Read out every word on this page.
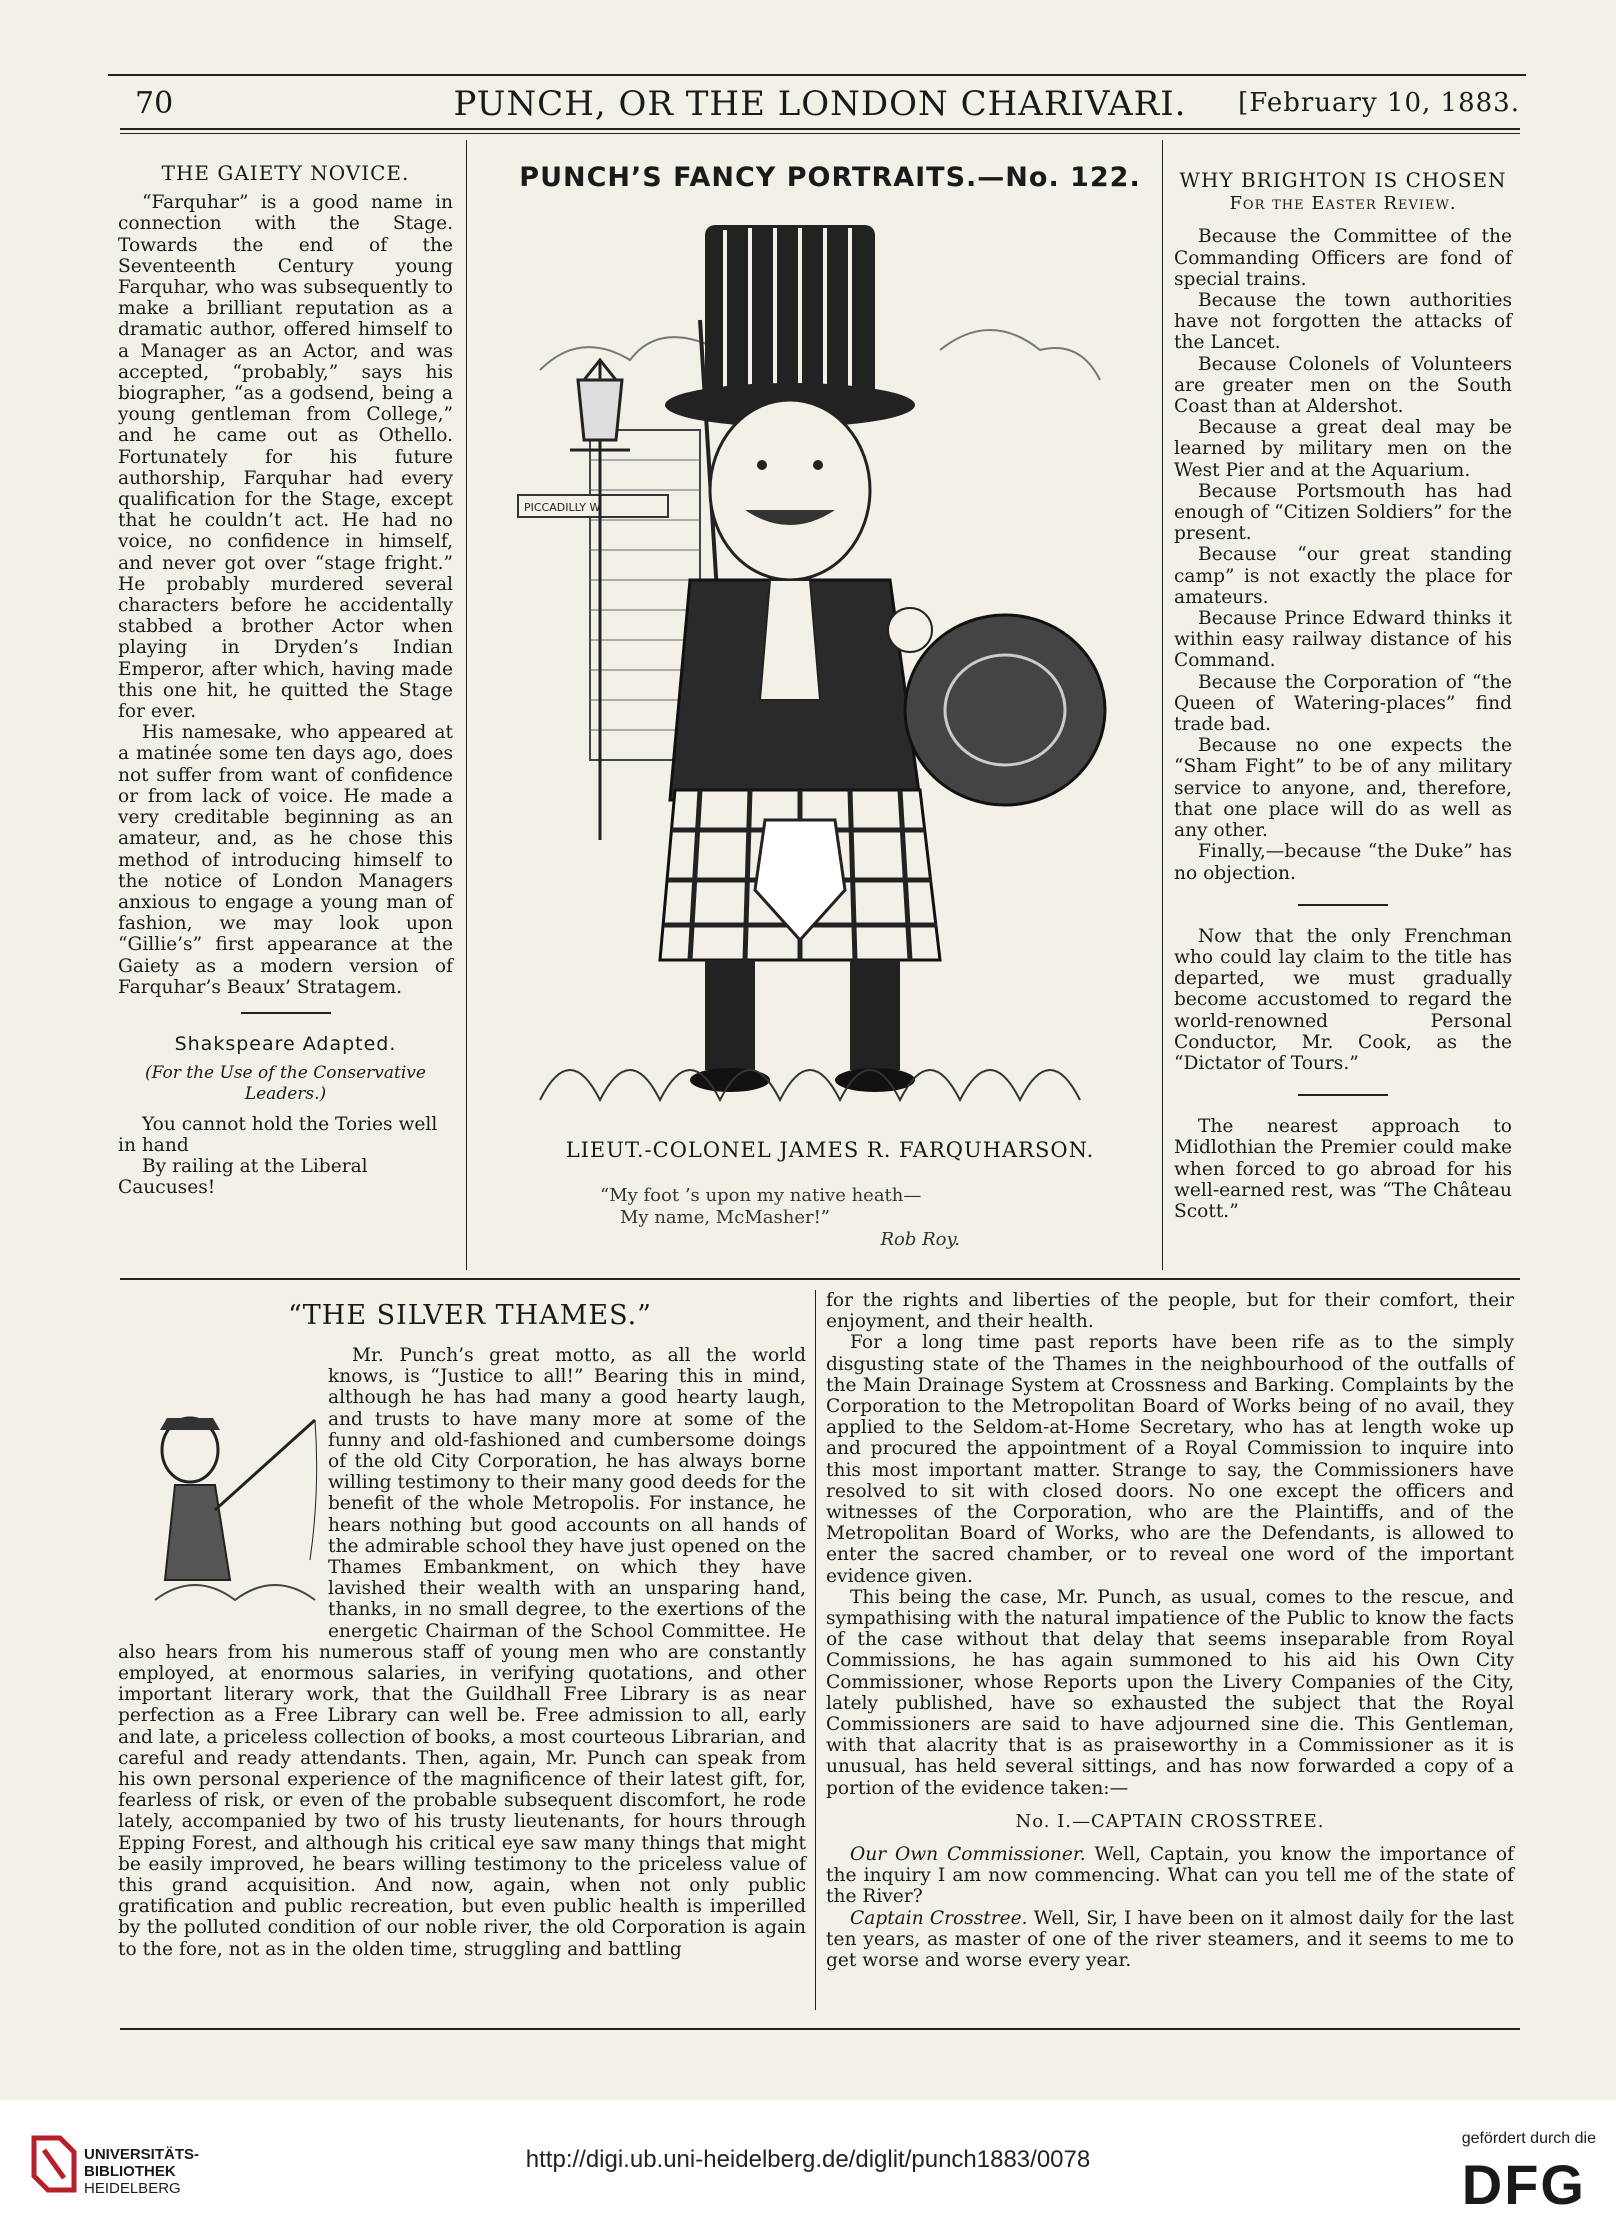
70	PUNCH, OR THE LONDON CHARIVARI.	[February 10, 1883.
THE GAIETY NOVICE.

“Farquhar” is a good name in connection with the Stage. Towards the end of the Seventeenth Century young Farquhar, who was subsequently to make a brilliant reputation as a dramatic author, offered himself to a Manager as an Actor, and was accepted, “probably,” says his biographer, “as a godsend, being a young gentleman from College,” and he came out as Othello. Fortunately for his future authorship, Farquhar had every qualification for the Stage, except that he couldn’t act. He had no voice, no confidence in himself, and never got over “stage fright.” He probably murdered several characters before he accidentally stabbed a brother Actor when playing in Dryden’s Indian Emperor, after which, having made this one hit, he quitted the Stage for ever.

His namesake, who appeared at a matinée some ten days ago, does not suffer from want of confidence or from lack of voice. He made a very creditable beginning as an amateur, and, as he chose this method of introducing himself to the notice of London Managers anxious to engage a young man of fashion, we may look upon “Gillie’s” first appearance at the Gaiety as a modern version of Farquhar’s Beaux’ Stratagem.

Shakspeare Adapted.
(For the Use of the Conservative Leaders.)

You cannot hold the Tories well in hand

By railing at the Liberal Caucuses!

PUNCH’S FANCY PORTRAITS.—No. 122.
PICCADILLY W
LIEUT.-COLONEL JAMES R. FARQUHARSON.
“My foot ’s upon my native heath—
My name, McMasher!”
Rob Roy.
WHY BRIGHTON IS CHOSEN
For the Easter Review.

Because the Committee of the Commanding Officers are fond of special trains.

Because the town authorities have not forgotten the attacks of the Lancet.

Because Colonels of Volunteers are greater men on the South Coast than at Aldershot.

Because a great deal may be learned by military men on the West Pier and at the Aquarium.

Because Portsmouth has had enough of “Citizen Soldiers” for the present.

Because “our great standing camp” is not exactly the place for amateurs.

Because Prince Edward thinks it within easy railway distance of his Command.

Because the Corporation of “the Queen of Watering-places” find trade bad.

Because no one expects the “Sham Fight” to be of any military service to anyone, and, therefore, that one place will do as well as any other.

Finally,—because “the Duke” has no objection.

Now that the only Frenchman who could lay claim to the title has departed, we must gradually become accustomed to regard the world-renowned Personal Conductor, Mr. Cook, as the “Dictator of Tours.”

The nearest approach to Midlothian the Premier could make when forced to go abroad for his well-earned rest, was “The Château Scott.”

“THE SILVER THAMES.”

Mr. Punch’s great motto, as all the world knows, is “Justice to all!” Bearing this in mind, although he has had many a good hearty laugh, and trusts to have many more at some of the funny and old-fashioned and cumbersome doings of the old City Corporation, he has always borne willing testimony to their many good deeds for the benefit of the whole Metropolis. For instance, he hears nothing but good accounts on all hands of the admirable school they have just opened on the Thames Embankment, on which they have lavished their wealth with an unsparing hand, thanks, in no small degree, to the exertions of the energetic Chairman of the School Committee. He also hears from his numerous staff of young men who are constantly employed, at enormous salaries, in verifying quotations, and other important literary work, that the Guildhall Free Library is as near perfection as a Free Library can well be. Free admission to all, early and late, a priceless collection of books, a most courteous Librarian, and careful and ready attendants. Then, again, Mr. Punch can speak from his own personal experience of the magnificence of their latest gift, for, fearless of risk, or even of the probable subsequent discomfort, he rode lately, accompanied by two of his trusty lieutenants, for hours through Epping Forest, and although his critical eye saw many things that might be easily improved, he bears willing testimony to the priceless value of this grand acquisition. And now, again, when not only public gratification and public recreation, but even public health is imperilled by the polluted condition of our noble river, the old Corporation is again to the fore, not as in the olden time, struggling and battling

for the rights and liberties of the people, but for their comfort, their enjoyment, and their health.

For a long time past reports have been rife as to the simply disgusting state of the Thames in the neighbourhood of the outfalls of the Main Drainage System at Crossness and Barking. Complaints by the Corporation to the Metropolitan Board of Works being of no avail, they applied to the Seldom-at-Home Secretary, who has at length woke up and procured the appointment of a Royal Commission to inquire into this most important matter. Strange to say, the Commissioners have resolved to sit with closed doors. No one except the officers and witnesses of the Corporation, who are the Plaintiffs, and of the Metropolitan Board of Works, who are the Defendants, is allowed to enter the sacred chamber, or to reveal one word of the important evidence given.

This being the case, Mr. Punch, as usual, comes to the rescue, and sympathising with the natural impatience of the Public to know the facts of the case without that delay that seems inseparable from Royal Commissions, he has again summoned to his aid his Own City Commissioner, whose Reports upon the Livery Companies of the City, lately published, have so exhausted the subject that the Royal Commissioners are said to have adjourned sine die. This Gentleman, with that alacrity that is as praiseworthy in a Commissioner as it is unusual, has held several sittings, and has now forwarded a copy of a portion of the evidence taken:—

No. I.—CAPTAIN CROSSTREE.

Our Own Commissioner. Well, Captain, you know the importance of the inquiry I am now commencing. What can you tell me of the state of the River?

Captain Crosstree. Well, Sir, I have been on it almost daily for the last ten years, as master of one of the river steamers, and it seems to me to get worse and worse every year.

UNIVERSITÄTS-
BIBLIOTHEK
HEIDELBERG
http://digi.ub.uni-heidelberg.de/diglit/punch1883/0078
gefördert durch die
DFG
